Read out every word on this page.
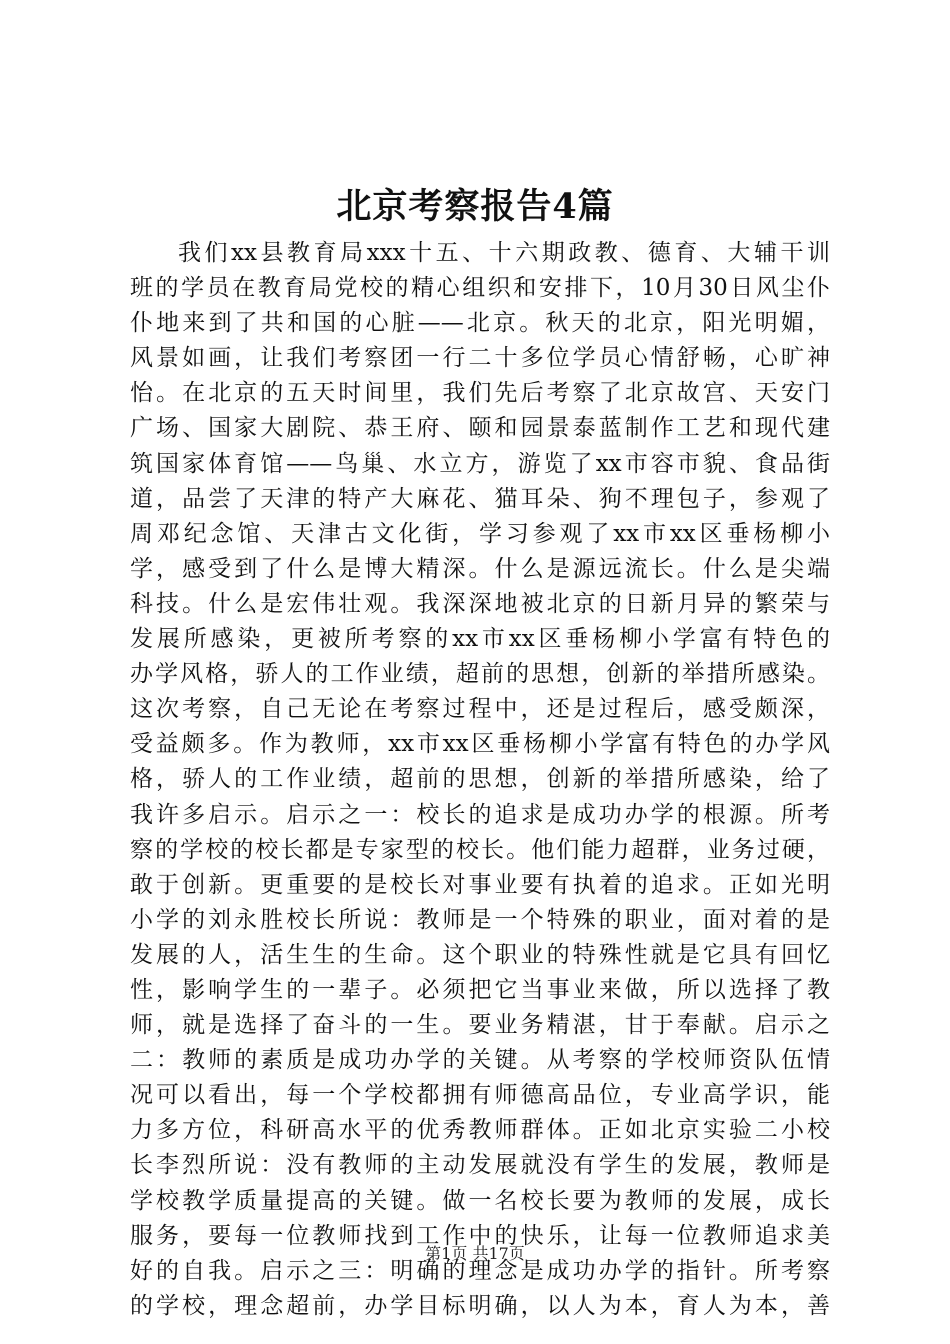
北京考察报告4篇
我们xx县教育局xxx十五、十六期政教、德育、大辅干训
班的学员在教育局党校的精心组织和安排下，10月30日风尘仆
仆地来到了共和国的心脏——北京。秋天的北京，阳光明媚，
风景如画，让我们考察团一行二十多位学员心情舒畅，心旷神
怡。在北京的五天时间里，我们先后考察了北京故宫、天安门
广场、国家大剧院、恭王府、颐和园景泰蓝制作工艺和现代建
筑国家体育馆——鸟巢、水立方，游览了xx市容市貌、食品街
道，品尝了天津的特产大麻花、猫耳朵、狗不理包子，参观了
周邓纪念馆、天津古文化街，学习参观了xx市xx区垂杨柳小
学，感受到了什么是博大精深。什么是源远流长。什么是尖端
科技。什么是宏伟壮观。我深深地被北京的日新月异的繁荣与
发展所感染，更被所考察的xx市xx区垂杨柳小学富有特色的
办学风格，骄人的工作业绩，超前的思想，创新的举措所感染。
这次考察，自己无论在考察过程中，还是过程后，感受颇深，
受益颇多。作为教师，xx市xx区垂杨柳小学富有特色的办学风
格，骄人的工作业绩，超前的思想，创新的举措所感染，给了
我许多启示。启示之一：校长的追求是成功办学的根源。所考
察的学校的校长都是专家型的校长。他们能力超群，业务过硬，
敢于创新。更重要的是校长对事业要有执着的追求。正如光明
小学的刘永胜校长所说：教师是一个特殊的职业，面对着的是
发展的人，活生生的生命。这个职业的特殊性就是它具有回忆
性，影响学生的一辈子。必须把它当事业来做，所以选择了教
师，就是选择了奋斗的一生。要业务精湛，甘于奉献。启示之
二：教师的素质是成功办学的关键。从考察的学校师资队伍情
况可以看出，每一个学校都拥有师德高品位，专业高学识，能
力多方位，科研高水平的优秀教师群体。正如北京实验二小校
长李烈所说：没有教师的主动发展就没有学生的发展，教师是
学校教学质量提高的关键。做一名校长要为教师的发展，成长
服务，要每一位教师找到工作中的快乐，让每一位教师追求美
好的自我。启示之三：明确的理念是成功办学的指针。所考察
的学校，理念超前，办学目标明确，以人为本，育人为本，善
第1页 共17页
